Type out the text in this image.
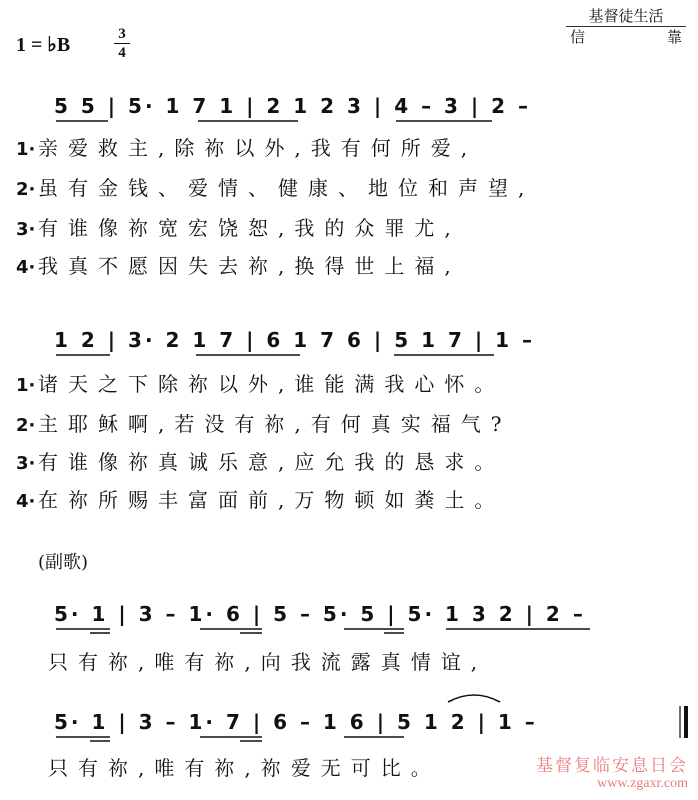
1 = ♭B	3
4
基督徒生活
信	靠
5 5 | 5· 1 7 1 | 2 1 2 3 | 4 – 3 | 2 –
1· 亲爱救主,除祢以外,我有何所爱,
2· 虽有金钱、爱情、健康、地位和声望,
3· 有谁像祢宽宏饶恕,我的众罪尤,
4· 我真不愿因失去祢,换得世上福,
1 2 | 3· 2 1 7 | 6 1 7 6 | 5 1 7 | 1 –
1· 诸天之下除祢以外,谁能满我心怀。
2· 主耶稣啊,若没有祢,有何真实福气?
3· 有谁像祢真诚乐意,应允我的恳求。
4· 在祢所赐丰富面前,万物顿如粪土。
(副歌)
5· 1 | 3 – 1· 6 | 5 – 5· 5 | 5· 1 3 2 | 2 –
只有祢,唯有祢,向我流露真情谊,
5· 1 | 3 – 1· 7 | 6 – 1 6 | 5 1 2 | 1 –
只有祢,唯有祢,祢爱无可比。	基督复临安息日会
www.zgaxr.com
